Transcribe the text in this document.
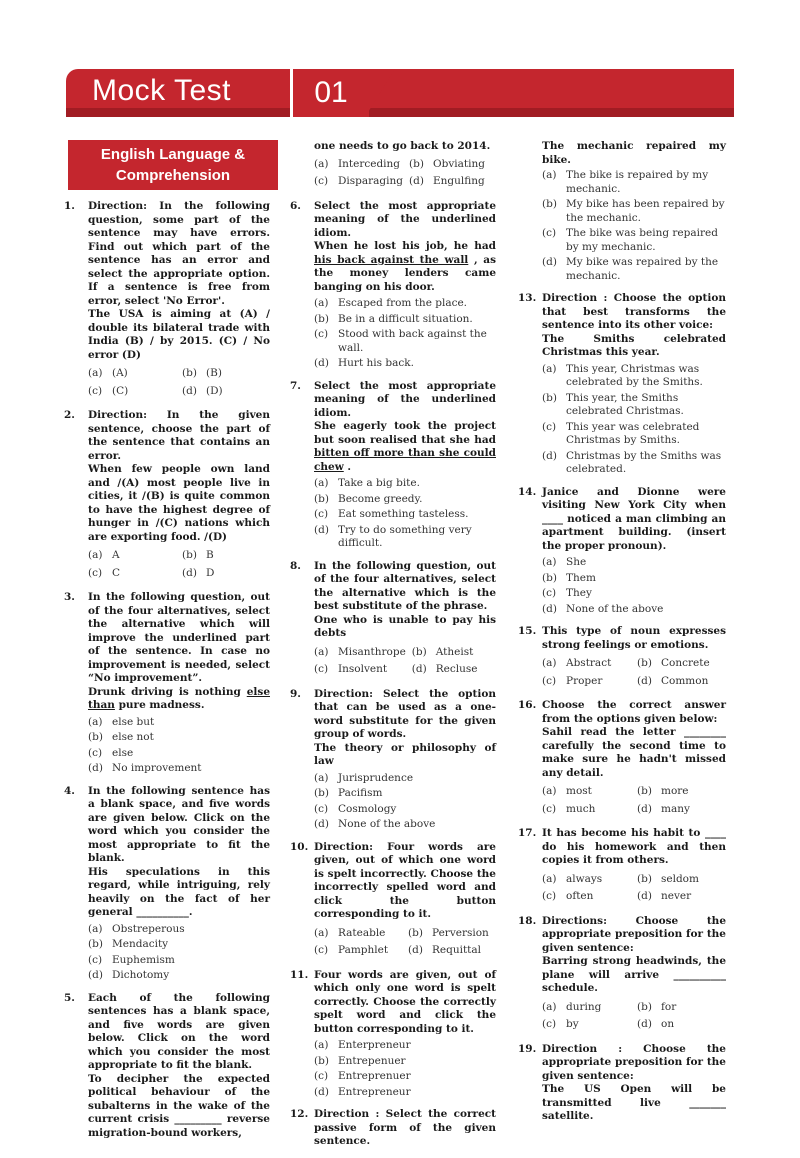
Mock Test	01
English Language & Comprehension
1. Direction: In the following question, some part of the sentence may have errors. Find out which part of the sentence has an error and select the appropriate option. If a sentence is free from error, select 'No Error'.

The USA is aiming at (A) / double its bilateral trade with India (B) / by 2015. (C) / No error (D)

(a) (A)	(b) (B)
(c) (C)	(d) (D)
2. Direction: In the given sentence, choose the part of the sentence that contains an error.

When few people own land and /(A) most people live in cities, it /(B) is quite common to have the highest degree of hunger in /(C) nations which are exporting food. /(D)

(a) A	(b) B
(c) C	(d) D
3. In the following question, out of the four alternatives, select the alternative which will improve the underlined part of the sentence. In case no improvement is needed, select “No improvement”.

Drunk driving is nothing else than pure madness.

(a) else but
(b) else not
(c) else
(d) No improvement
4. In the following sentence has a blank space, and five words are given below. Click on the word which you consider the most appropriate to fit the blank.

His speculations in this regard, while intriguing, rely heavily on the fact of her general __________.

(a) Obstreperous
(b) Mendacity
(c) Euphemism
(d) Dichotomy
5. Each of the following sentences has a blank space, and five words are given below. Click on the word which you consider the most appropriate to fit the blank.

To decipher the expected political behaviour of the subalterns in the wake of the current crisis _________ reverse migration-bound workers,

one needs to go back to 2014.
(a) Interceding (b) Obviating
(c) Disparaging (d) Engulfing
6. Select the most appropriate meaning of the underlined idiom.

When he lost his job, he had his back against the wall , as the money lenders came banging on his door.

(a) Escaped from the place.
(b) Be in a difficult situation.
(c) Stood with back against the wall.
(d) Hurt his back.
7. Select the most appropriate meaning of the underlined idiom.

She eagerly took the project but soon realised that she had bitten off more than she could chew .

(a) Take a big bite.
(b) Become greedy.
(c) Eat something tasteless.
(d) Try to do something very difficult.
8. In the following question, out of the four alternatives, select the alternative which is the best substitute of the phrase.

One who is unable to pay his debts

(a) Misanthrope (b) Atheist
(c) Insolvent	(d) Recluse
9. Direction: Select the option that can be used as a one-word substitute for the given group of words.

The theory or philosophy of law

(a) Jurisprudence
(b) Pacifism
(c) Cosmology
(d) None of the above
10. Direction: Four words are given, out of which one word is spelt incorrectly. Choose the incorrectly spelled word and click the button corresponding to it.

(a) Rateable	(b) Perversion
(c) Pamphlet	(d) Requittal
11. Four words are given, out of which only one word is spelt correctly. Choose the correctly spelt word and click the button corresponding to it.

(a) Enterpreneur
(b) Entrepenuer
(c) Entreprenuer
(d) Entrepreneur
12. Direction : Select the correct passive form of the given sentence.

The mechanic repaired my bike.
(a) The bike is repaired by my mechanic.
(b) My bike has been repaired by the mechanic.
(c) The bike was being repaired by my mechanic.
(d) My bike was repaired by the mechanic.
13. Direction : Choose the option that best transforms the sentence into its other voice:

The Smiths celebrated Christmas this year.

(a) This year, Christmas was celebrated by the Smiths.
(b) This year, the Smiths celebrated Christmas.
(c) This year was celebrated Christmas by Smiths.
(d) Christmas by the Smiths was celebrated.
14. Janice and Dionne were visiting New York City when ____ noticed a man climbing an apartment building. (insert the proper pronoun).

(a) She
(b) Them
(c) They
(d) None of the above
15. This type of noun expresses strong feelings or emotions.

(a) Abstract	(b) Concrete
(c) Proper	(d) Common
16. Choose the correct answer from the options given below:

Sahil read the letter ________ carefully the second time to make sure he hadn't missed any detail.

(a) most	(b) more
(c) much	(d) many
17. It has become his habit to ____ do his homework and then copies it from others.

(a) always	(b) seldom
(c) often	(d) never
18. Directions: Choose the appropriate preposition for the given sentence:

Barring strong headwinds, the plane will arrive __________ schedule.

(a) during	(b) for
(c) by	(d) on
19. Direction : Choose the appropriate preposition for the given sentence:

The US Open will be transmitted live _______ satellite.
